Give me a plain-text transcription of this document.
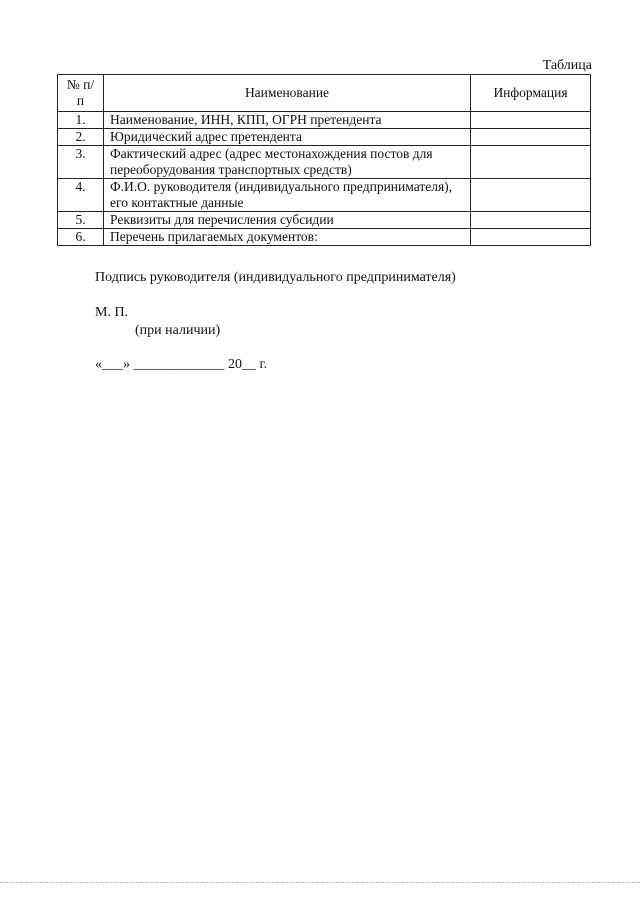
Таблица
№ п/п	Наименование	Информация
1.	Наименование, ИНН, КПП, ОГРН претендента	
2.	Юридический адрес претендента	
3.	Фактический адрес (адрес местонахождения постов для переоборудования транспортных средств)	
4.	Ф.И.О. руководителя (индивидуального предпринимателя), его контактные данные	
5.	Реквизиты для перечисления субсидии	
6.	Перечень прилагаемых документов:	
Подпись руководителя (индивидуального предпринимателя)
М. П.
(при наличии)
«___» _____________ 20__ г.
